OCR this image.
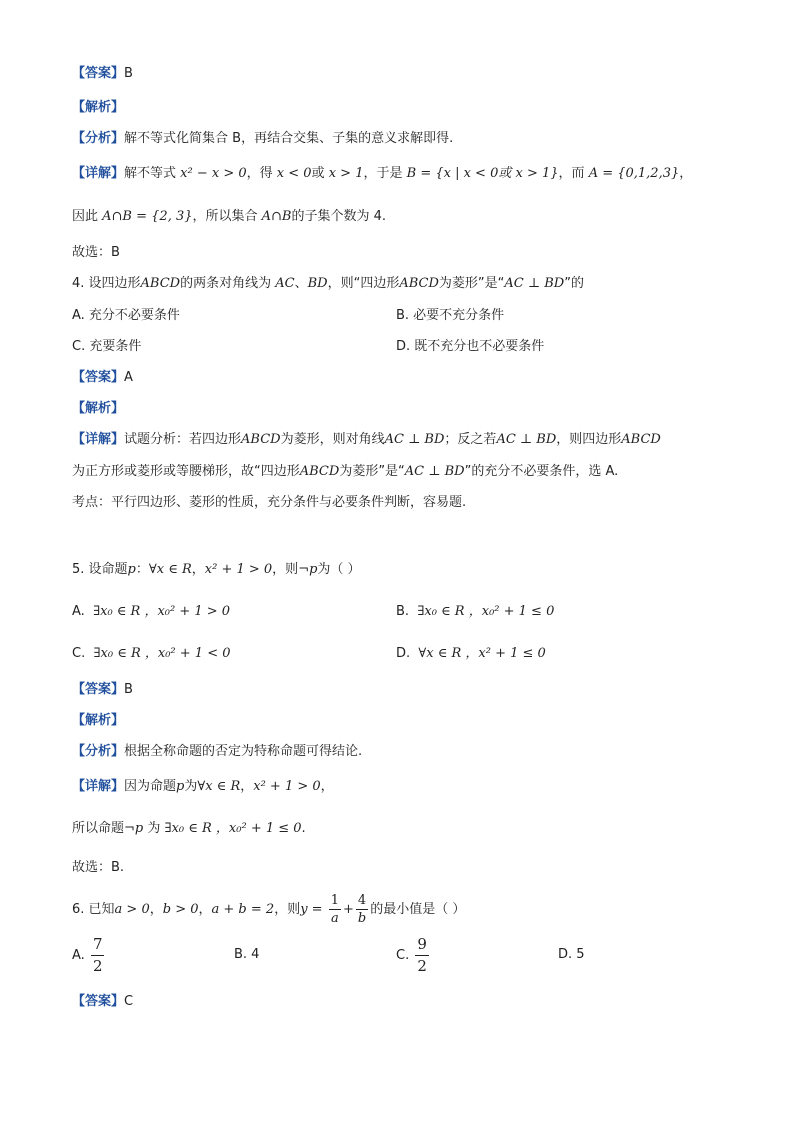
【答案】B
【解析】
【分析】解不等式化简集合 B，再结合交集、子集的意义求解即得.
【详解】解不等式 x² − x > 0，得 x < 0或 x > 1，于是 B = {x | x < 0或 x > 1}，而 A = {0,1,2,3}，
因此 A∩B = {2, 3}，所以集合 A∩B的子集个数为 4.
故选：B
4. 设四边形ABCD的两条对角线为 AC、BD，则“四边形ABCD为菱形”是“AC ⊥ BD”的
A. 充分不必要条件	B. 必要不充分条件
C. 充要条件	D. 既不充分也不必要条件
【答案】A
【解析】
【详解】试题分析：若四边形ABCD为菱形，则对角线AC ⊥ BD；反之若AC ⊥ BD，则四边形ABCD
为正方形或菱形或等腰梯形，故“四边形ABCD为菱形”是“AC ⊥ BD”的充分不必要条件，选 A.
考点：平行四边形、菱形的性质，充分条件与必要条件判断，容易题.
5. 设命题p：∀x ∈ R，x² + 1 > 0，则¬p为（ ）
A. ∃x₀ ∈ R ，x₀² + 1 > 0	B. ∃x₀ ∈ R ，x₀² + 1 ≤ 0
C. ∃x₀ ∈ R ，x₀² + 1 < 0	D. ∀x ∈ R ，x² + 1 ≤ 0
【答案】B
【解析】
【分析】根据全称命题的否定为特称命题可得结论.
【详解】因为命题p为∀x ∈ R，x² + 1 > 0，
所以命题¬p 为 ∃x₀ ∈ R ，x₀² + 1 ≤ 0.
故选：B.
6. 已知a > 0，b > 0，a + b = 2，则$y = \frac{1}{a} + \frac{4}{b}$ 的最小值是（ ）
A. $\frac{7}{2}$	B. 4	C. $\frac{9}{2}$	D. 5
【答案】C
